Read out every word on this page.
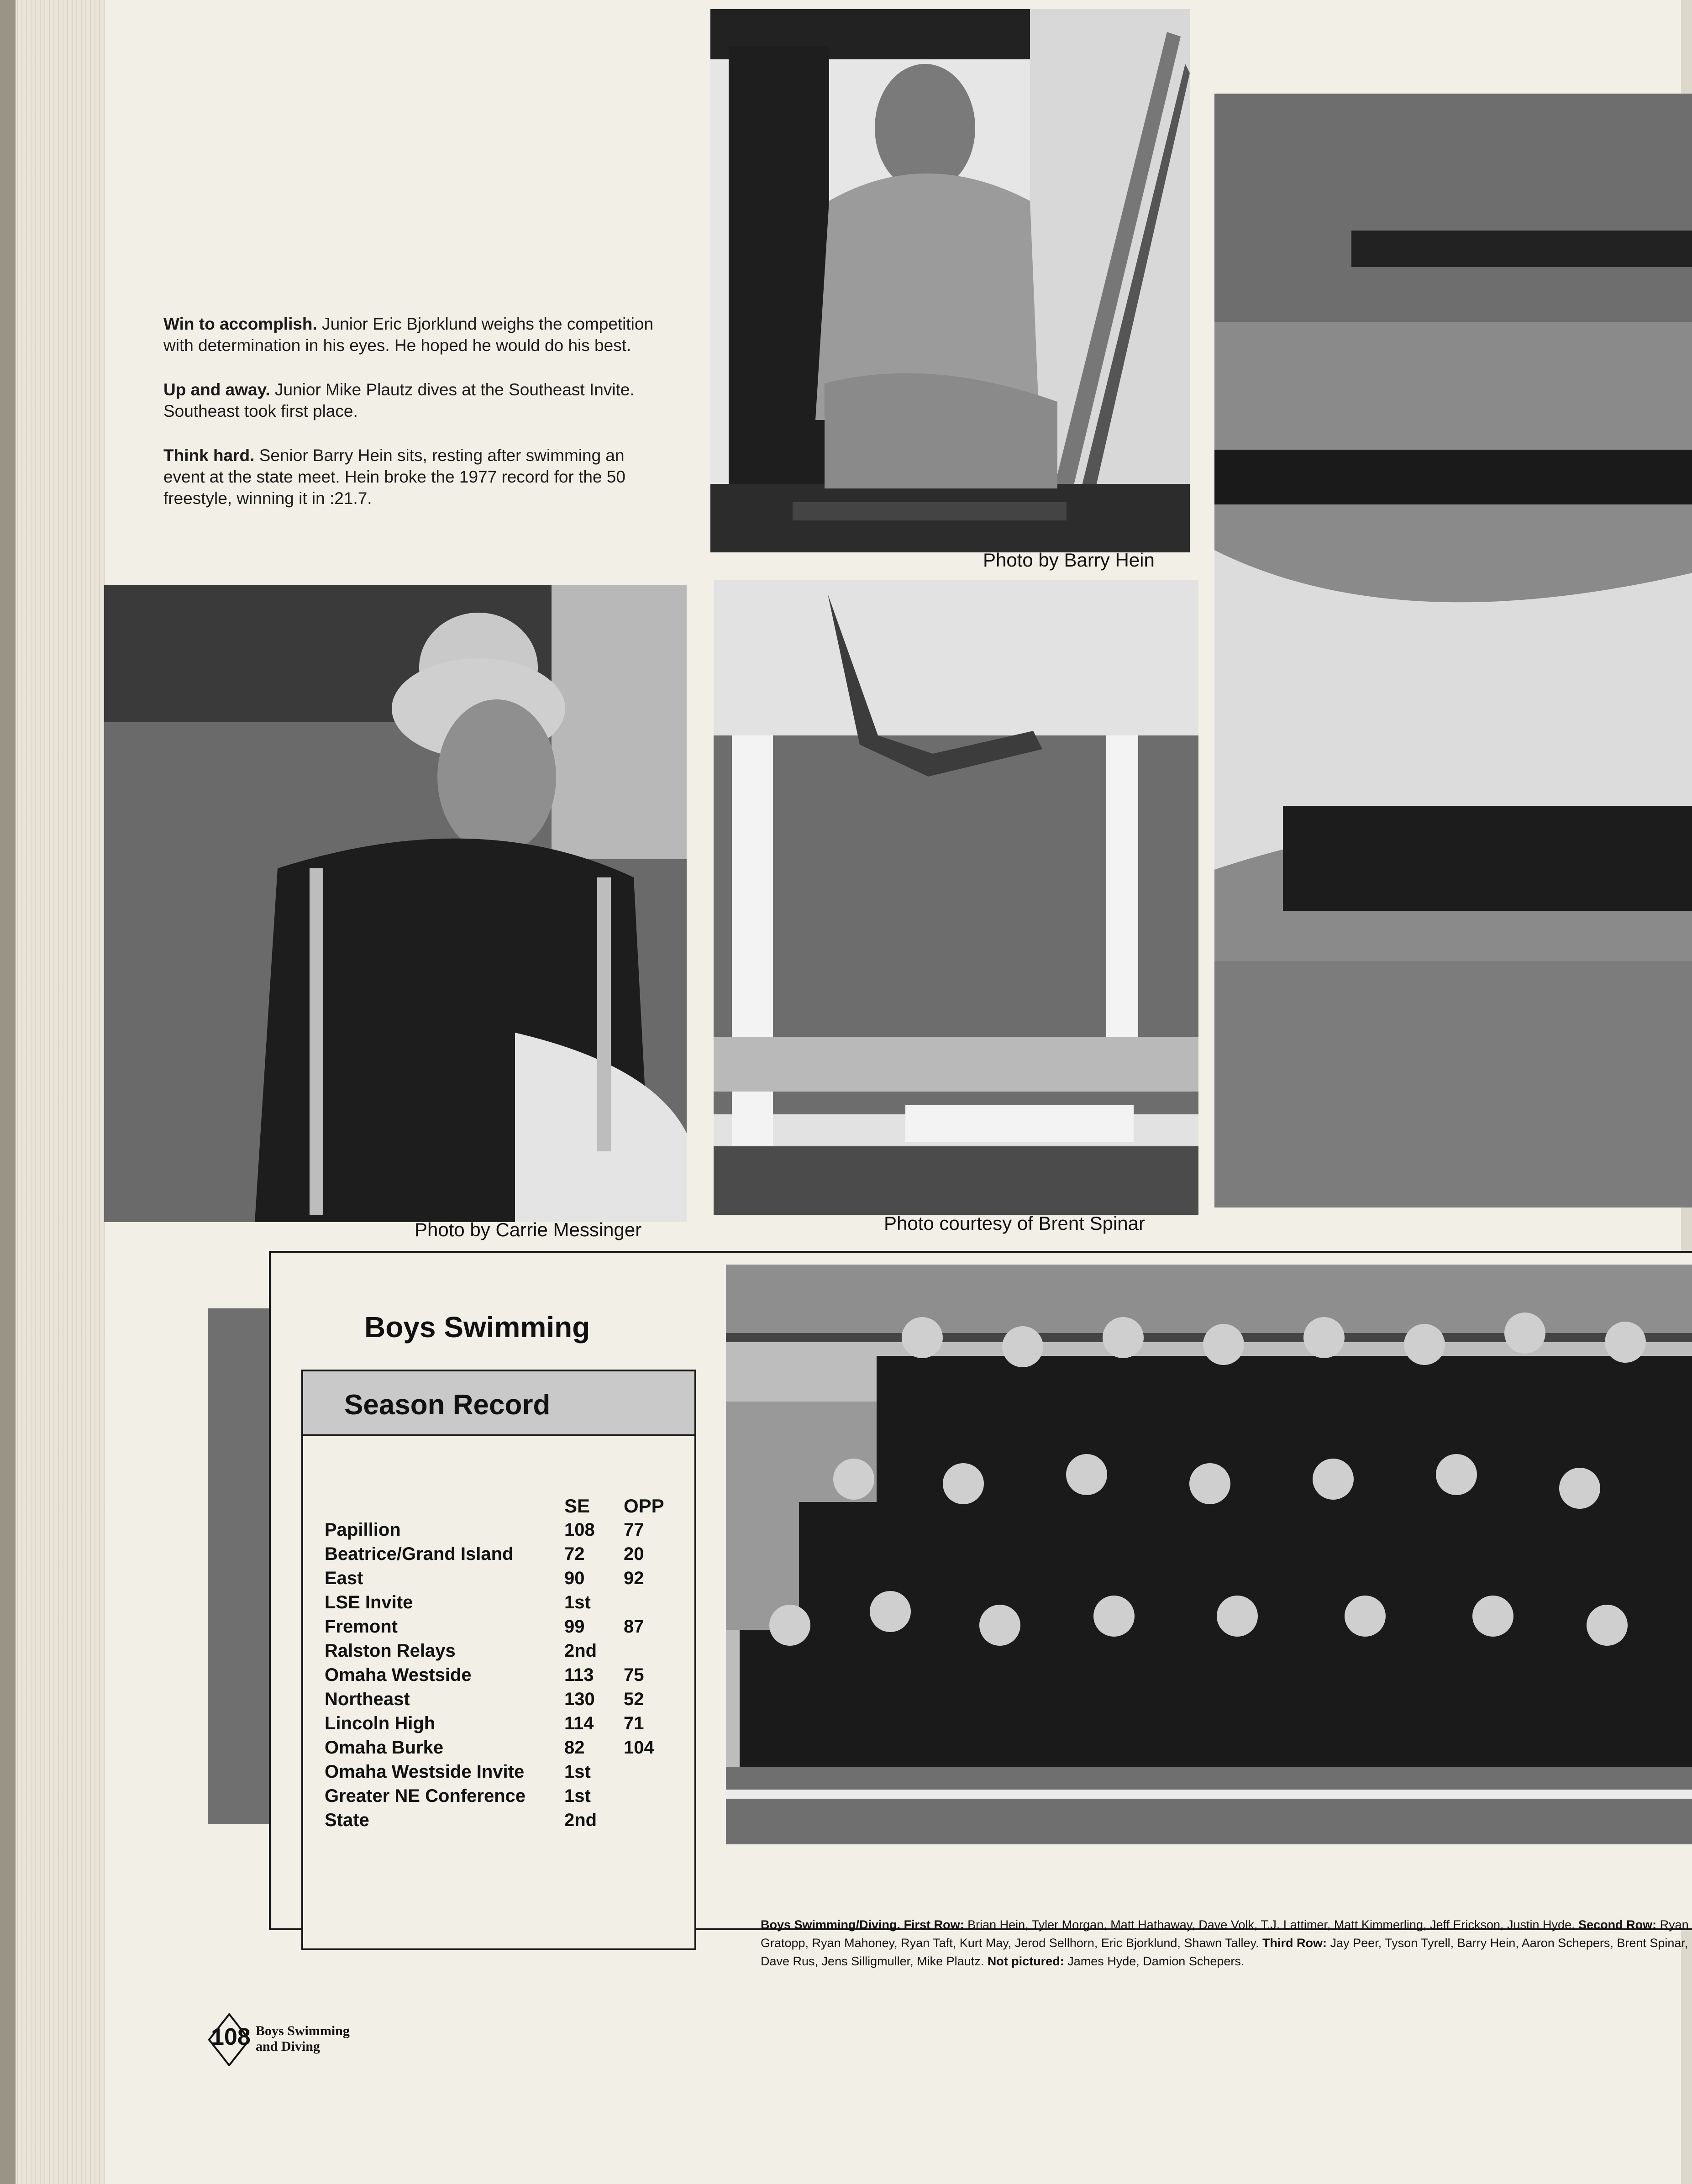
Win to accomplish. Junior Eric Bjorklund weighs the competition with determination in his eyes. He hoped he would do his best.

Up and away. Junior Mike Plautz dives at the Southeast Invite. Southeast took first place.

Think hard. Senior Barry Hein sits, resting after swimming an event at the state meet. Hein broke the 1977 record for the 50 freestyle, winning it in :21.7.

Photo by Barry Hein
Photo by Carrie Messinger	Photo courtesy of Brent Spinar
Boys Swimming
Season Record
	SE	OPP
Papillion	108	77
Beatrice/Grand Island	72	20
East	90	92
LSE Invite	1st	
Fremont	99	87
Ralston Relays	2nd	
Omaha Westside	113	75
Northeast	130	52
Lincoln High	114	71
Omaha Burke	82	104
Omaha Westside Invite	1st	
Greater NE Conference	1st	
State	2nd	
Boys Swimming/Diving. First Row: Brian Hein, Tyler Morgan, Matt Hathaway, Dave Volk, T.J. Lattimer, Matt Kimmerling, Jeff Erickson, Justin Hyde. Second Row: Ryan Gratopp, Ryan Mahoney, Ryan Taft, Kurt May, Jerod Sellhorn, Eric Bjorklund, Shawn Talley. Third Row: Jay Peer, Tyson Tyrell, Barry Hein, Aaron Schepers, Brent Spinar, Dave Rus, Jens Silligmuller, Mike Plautz. Not pictured: James Hyde, Damion Schepers.
108 Boys Swimming
and Diving
